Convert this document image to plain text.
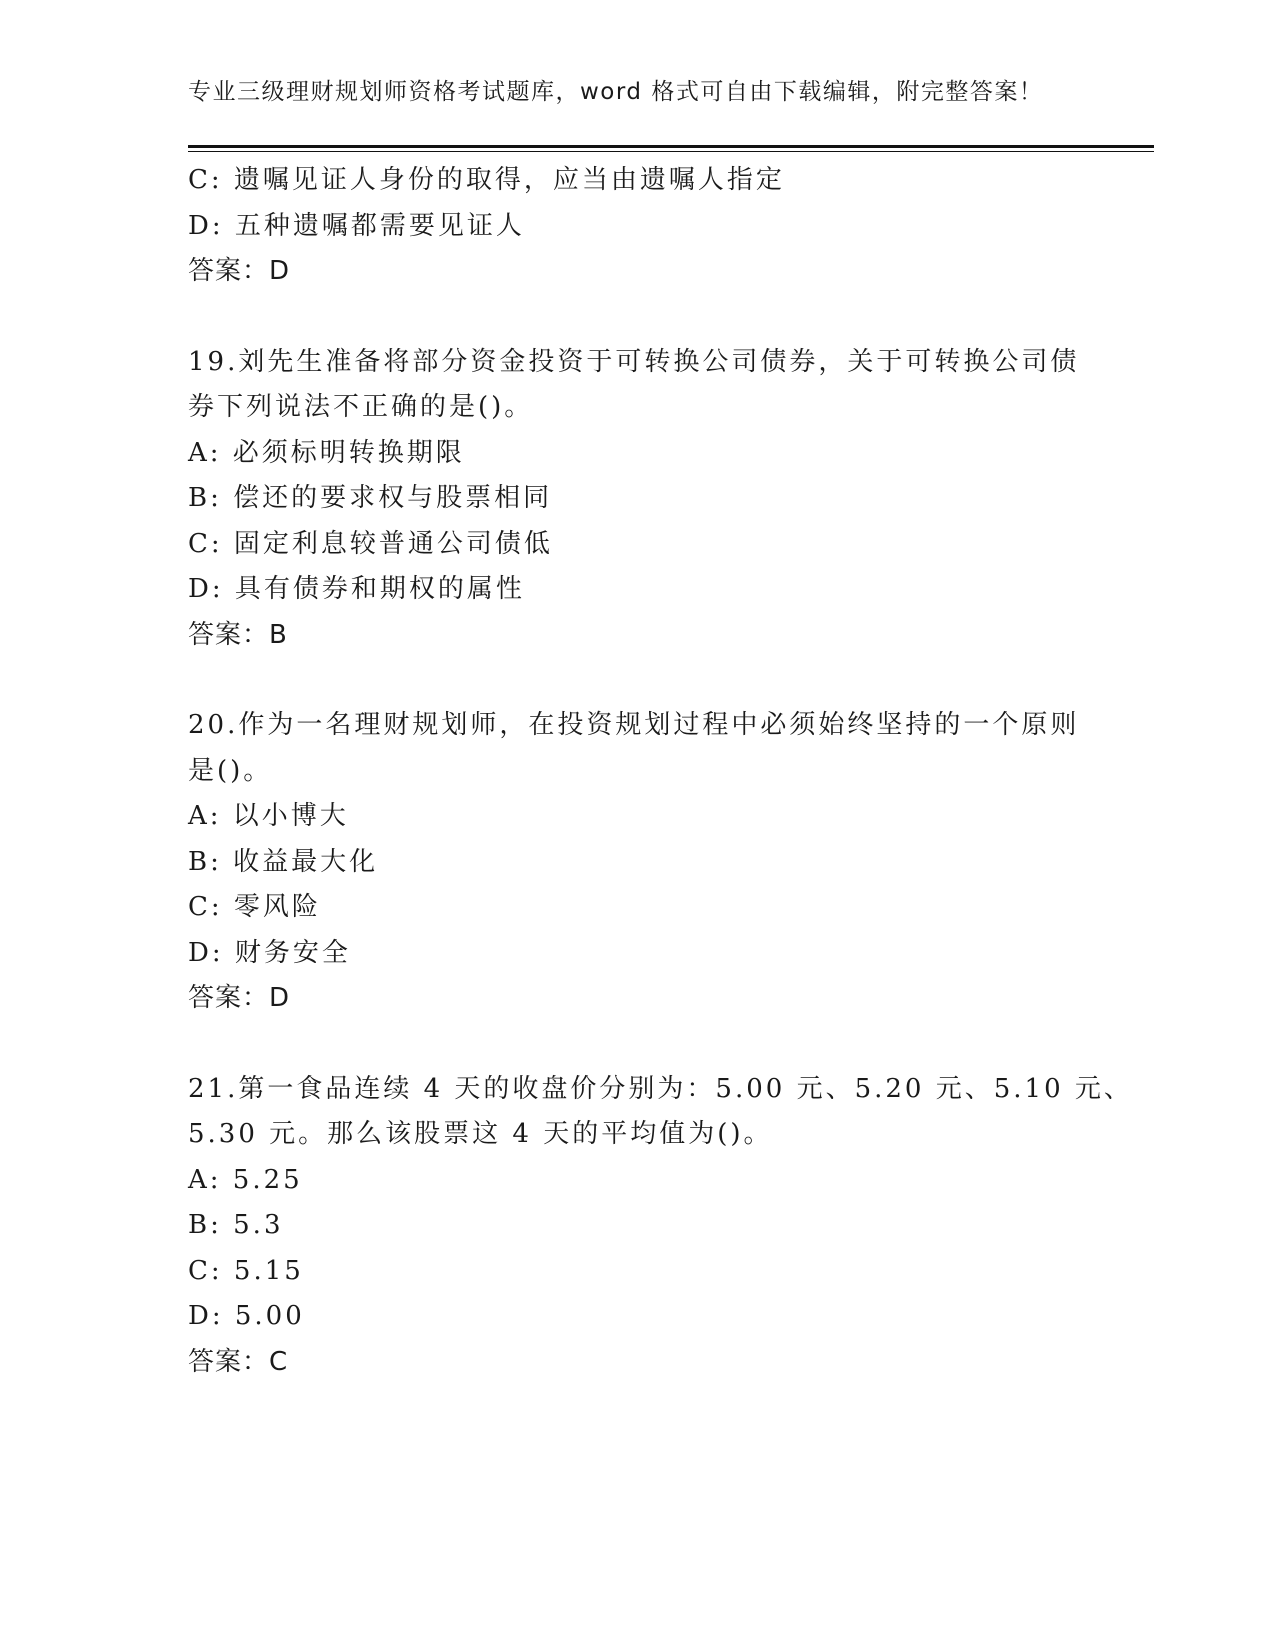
专业三级理财规划师资格考试题库，word 格式可自由下载编辑，附完整答案！
C: 遗嘱见证人身份的取得，应当由遗嘱人指定
D: 五种遗嘱都需要见证人
答案：D
19.刘先生准备将部分资金投资于可转换公司债券，关于可转换公司债
券下列说法不正确的是()。
A: 必须标明转换期限
B: 偿还的要求权与股票相同
C: 固定利息较普通公司债低
D: 具有债券和期权的属性
答案：B
20.作为一名理财规划师，在投资规划过程中必须始终坚持的一个原则
是()。
A: 以小博大
B: 收益最大化
C: 零风险
D: 财务安全
答案：D
21.第一食品连续 4 天的收盘价分别为：5.00 元、5.20 元、5.10 元、
5.30 元。那么该股票这 4 天的平均值为()。
A: 5.25
B: 5.3
C: 5.15
D: 5.00
答案：C
